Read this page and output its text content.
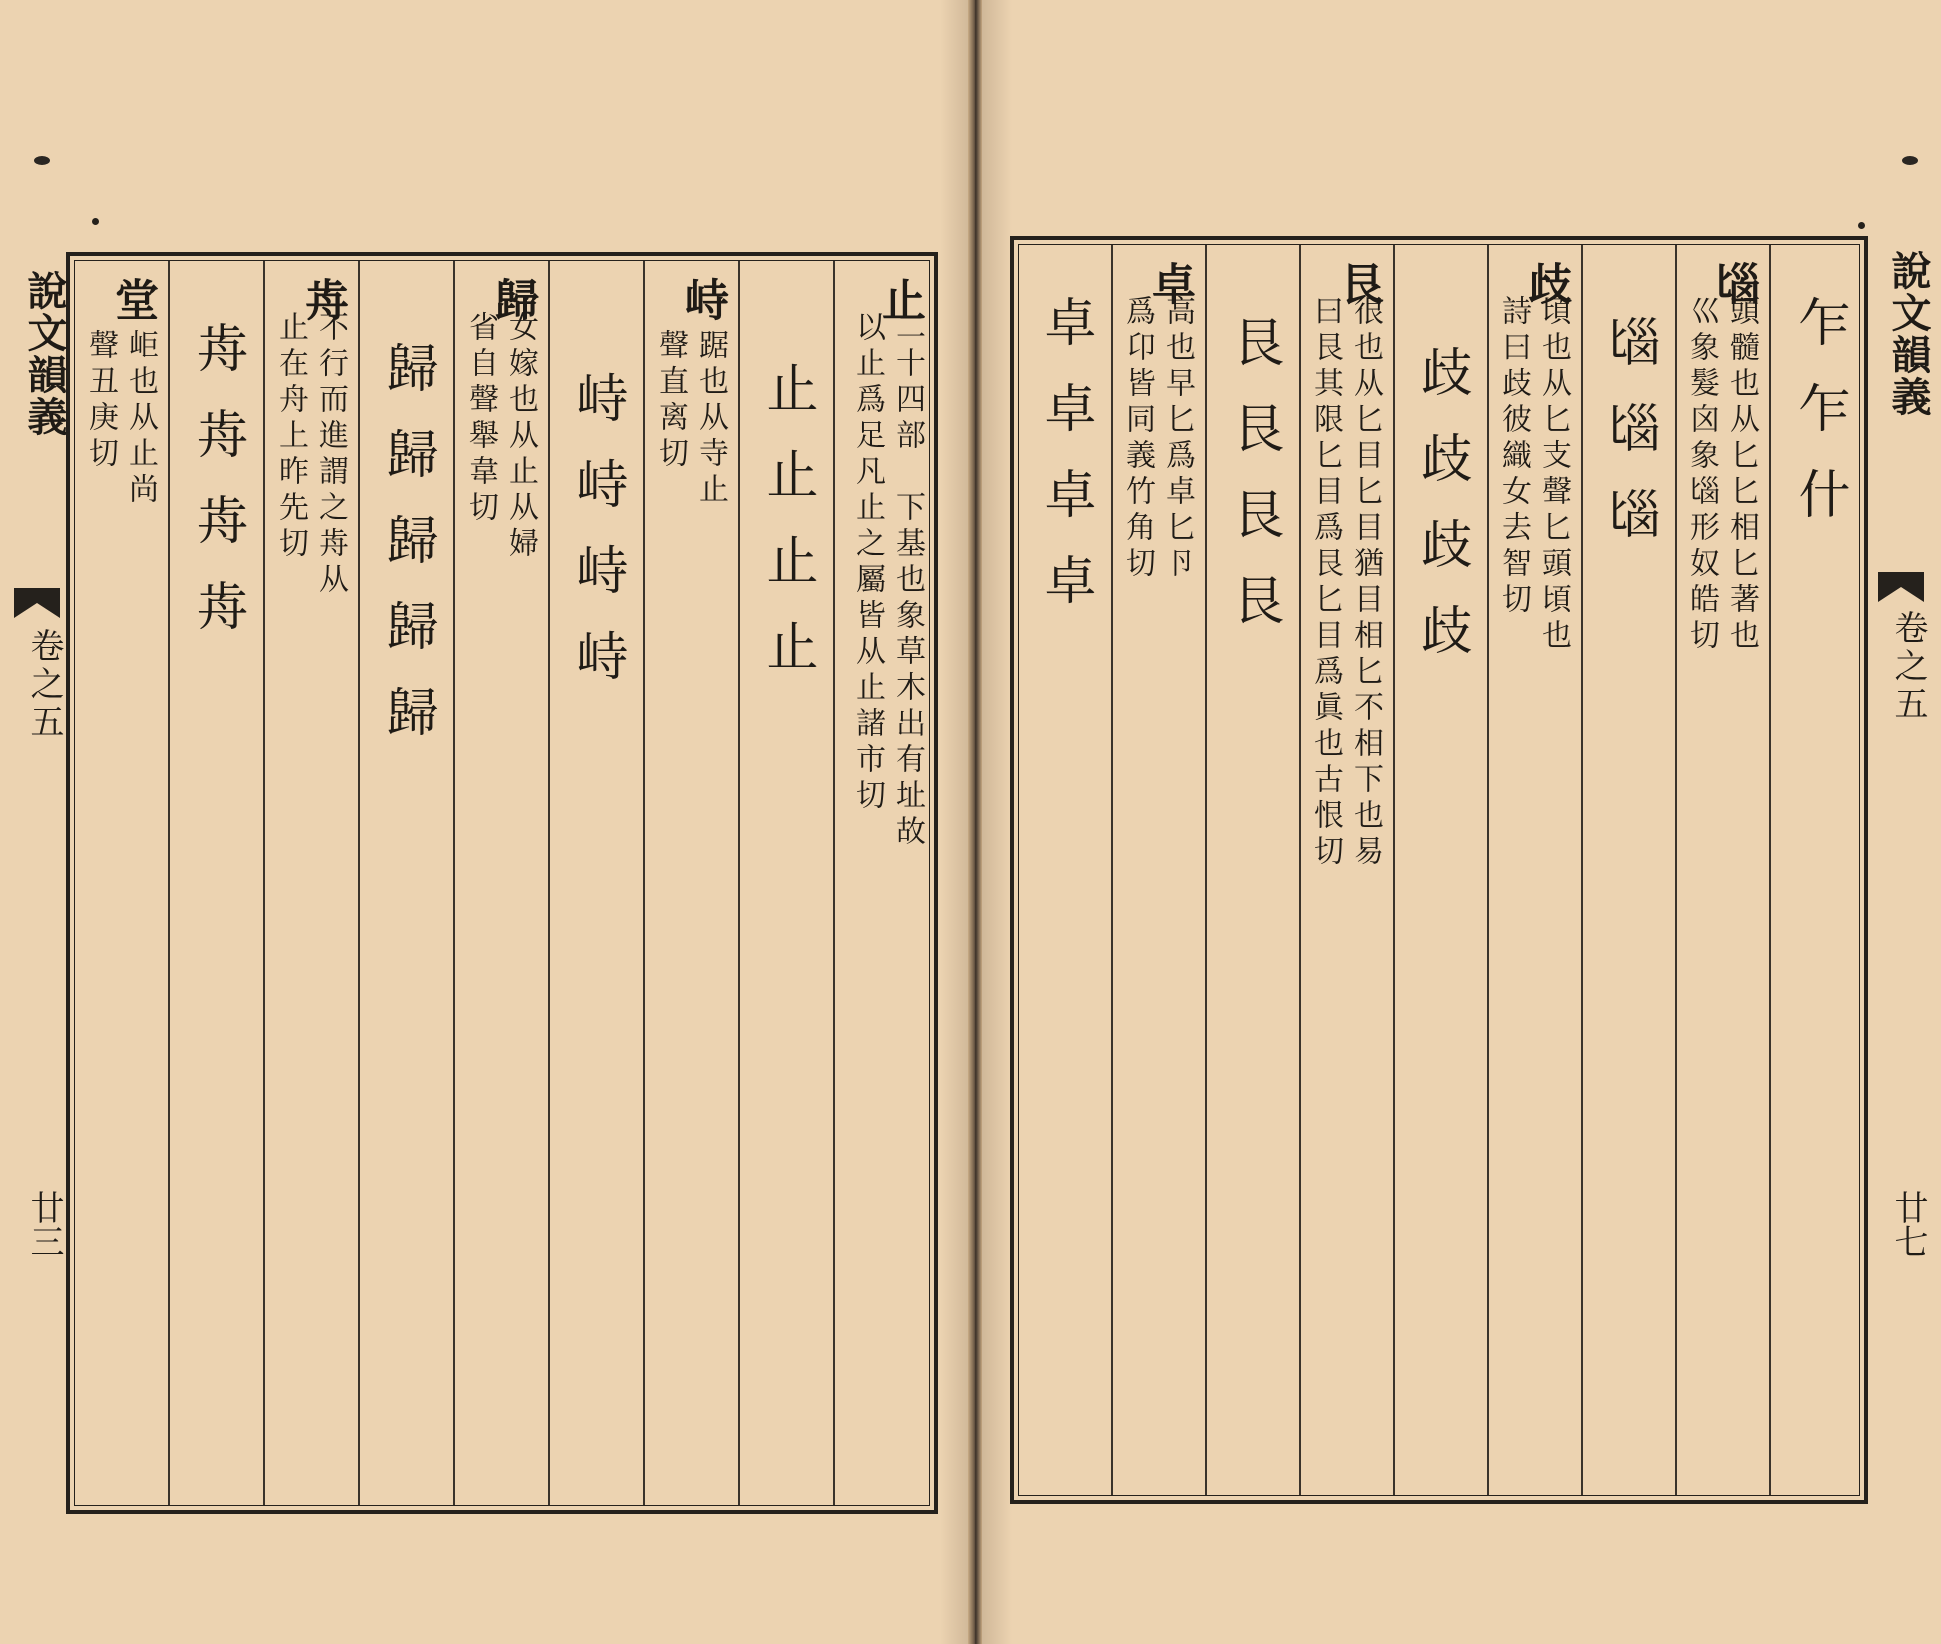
說文韻義
卷之五
廿三
堂
岠也从止尚
聲丑庚切	歬歬歬歬
歬
不行而進謂之歬从
止在舟上昨先切	歸歸歸歸歸
歸
女嫁也从止从婦
省自聲舉韋切	峙峙峙峙
峙
踞也从寺止
聲直离切	止止止止
止
二十四部　下基也象草木出有址故
以止爲足凡止之屬皆从止諸市切	卓卓卓卓
卓
高也早匕爲卓匕卪
爲卬皆同義竹角切	艮艮艮艮
艮
很也从匕目匕目猶目相匕不相下也易
曰艮其限匕目爲艮匕目爲眞也古恨切	歧歧歧歧
歧
頃也从匕支聲匕頭頃也
詩曰歧彼織女去智切	匘匘匘
匘
頭髓也从匕匕相匕著也
巛象髮囟象匘形奴皓切	乍乍什 說文韻義
卷之五
廿七
